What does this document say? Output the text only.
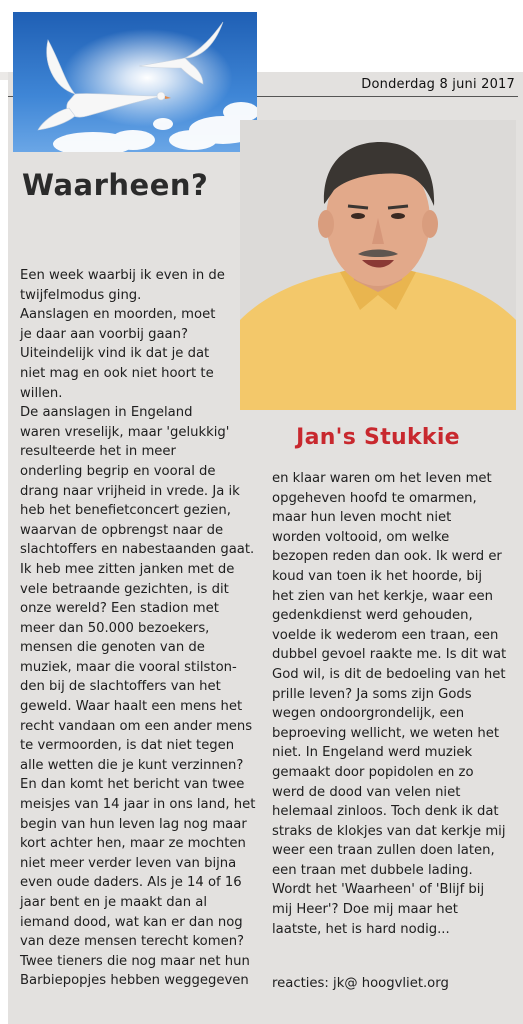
Donderdag 8 juni 2017
Waarheen?
Jan's Stukkie

Een week waarbij ik even in de

twijfelmodus ging.

Aanslagen en moorden, moet

je daar aan voorbij gaan?

Uiteindelijk vind ik dat je dat

niet mag en ook niet hoort te

willen.

De aanslagen in Engeland

waren vreselijk, maar 'gelukkig'

resulteerde het in meer

onderling begrip en vooral de

drang naar vrijheid in vrede. Ja ik

heb het benefietconcert gezien,

waarvan de opbrengst naar de

slachtoffers en nabestaanden gaat.

Ik heb mee zitten janken met de

vele betraande gezichten, is dit

onze wereld? Een stadion met

meer dan 50.000 bezoekers,

mensen die genoten van de

muziek, maar die vooral stilston-

den bij de slachtoffers van het

geweld. Waar haalt een mens het

recht vandaan om een ander mens

te vermoorden, is dat niet tegen

alle wetten die je kunt verzinnen?

En dan komt het bericht van twee

meisjes van 14 jaar in ons land, het

begin van hun leven lag nog maar

kort achter hen, maar ze mochten

niet meer verder leven van bijna

even oude daders. Als je 14 of 16

jaar bent en je maakt dan al

iemand dood, wat kan er dan nog

van deze mensen terecht komen?

Twee tieners die nog maar net hun

Barbiepopjes hebben weggegeven

en klaar waren om het leven met

opgeheven hoofd te omarmen,

maar hun leven mocht niet

worden voltooid, om welke

bezopen reden dan ook. Ik werd er

koud van toen ik het hoorde, bij

het zien van het kerkje, waar een

gedenkdienst werd gehouden,

voelde ik wederom een traan, een

dubbel gevoel raakte me. Is dit wat

God wil, is dit de bedoeling van het

prille leven? Ja soms zijn Gods

wegen ondoorgrondelijk, een

beproeving wellicht, we weten het

niet. In Engeland werd muziek

gemaakt door popidolen en zo

werd de dood van velen niet

helemaal zinloos. Toch denk ik dat

straks de klokjes van dat kerkje mij

weer een traan zullen doen laten,

een traan met dubbele lading.

Wordt het 'Waarheen' of 'Blijf bij

mij Heer'? Doe mij maar het

laatste, het is hard nodig...

reacties: jk@ hoogvliet.org
